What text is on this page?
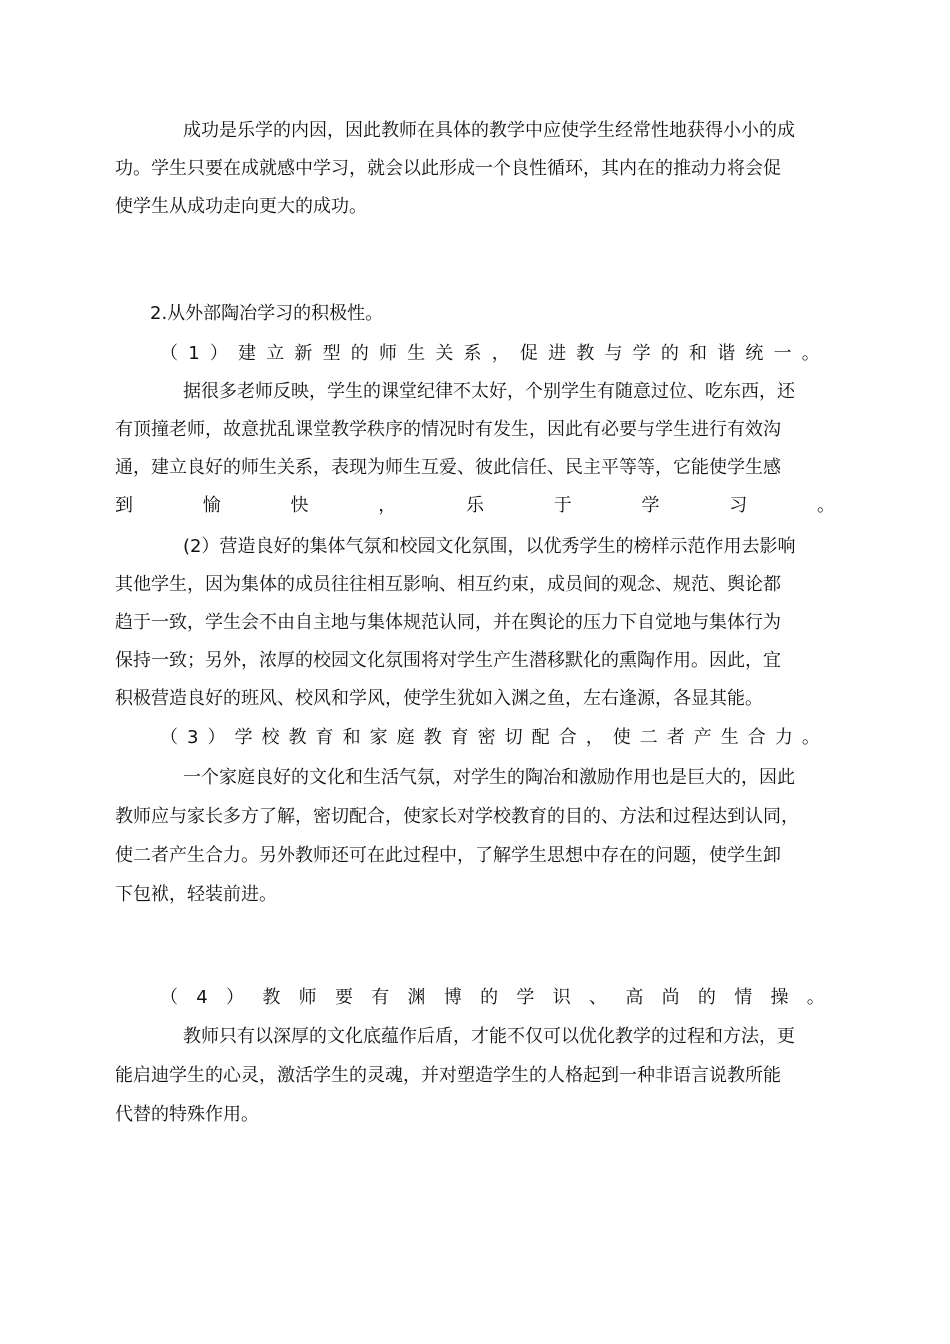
成功是乐学的内因，因此教师在具体的教学中应使学生经常性地获得小小的成
功。学生只要在成就感中学习，就会以此形成一个良性循环，其内在的推动力将会促
使学生从成功走向更大的成功。
2.从外部陶冶学习的积极性。
（ 1 ） 建 立 新 型 的 师 生 关 系 ， 促 进 教 与 学 的 和 谐 统 一 。
据很多老师反映，学生的课堂纪律不太好，个别学生有随意过位、吃东西，还
有顶撞老师，故意扰乱课堂教学秩序的情况时有发生，因此有必要与学生进行有效沟
通，建立良好的师生关系，表现为师生互爱、彼此信任、民主平等等，它能使学生感
到	愉	快	，	乐	于	学	习	。
(2）营造良好的集体气氛和校园文化氛围，以优秀学生的榜样示范作用去影响
其他学生，因为集体的成员往往相互影响、相互约束，成员间的观念、规范、舆论都
趋于一致，学生会不由自主地与集体规范认同，并在舆论的压力下自觉地与集体行为
保持一致；另外，浓厚的校园文化氛围将对学生产生潜移默化的熏陶作用。因此，宜
积极营造良好的班风、校风和学风，使学生犹如入渊之鱼，左右逢源，各显其能。
（ 3 ） 学 校 教 育 和 家 庭 教 育 密 切 配 合 ， 使 二 者 产 生 合 力 。
一个家庭良好的文化和生活气氛，对学生的陶冶和激励作用也是巨大的，因此
教师应与家长多方了解，密切配合，使家长对学校教育的目的、方法和过程达到认同，
使二者产生合力。另外教师还可在此过程中，了解学生思想中存在的问题，使学生卸
下包袱，轻装前进。
（ 4 ） 教 师 要 有 渊 博 的 学 识 、 高 尚 的 情 操 。
教师只有以深厚的文化底蕴作后盾，才能不仅可以优化教学的过程和方法，更
能启迪学生的心灵，激活学生的灵魂，并对塑造学生的人格起到一种非语言说教所能
代替的特殊作用。
